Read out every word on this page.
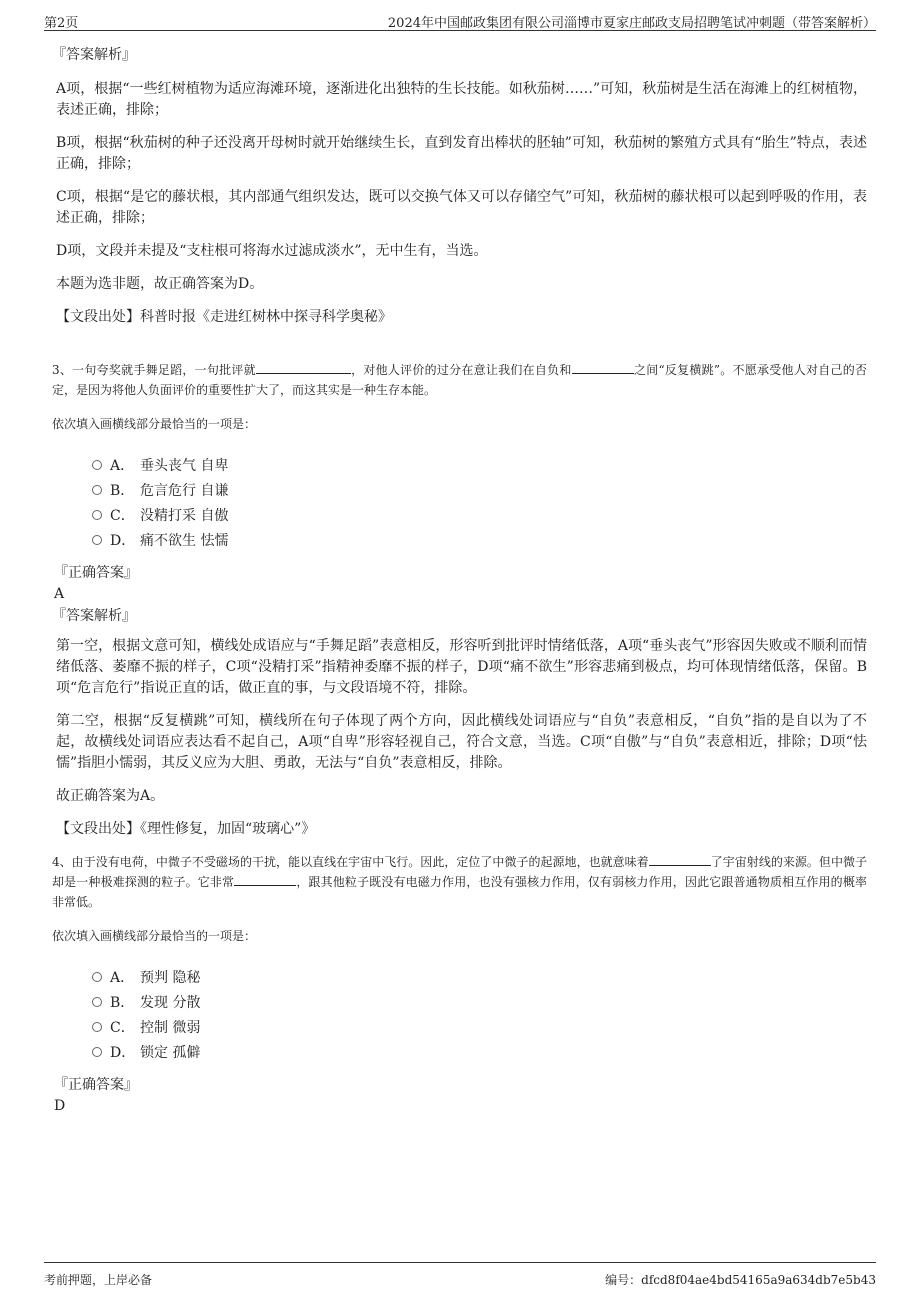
第2页	2024年中国邮政集团有限公司淄博市夏家庄邮政支局招聘笔试冲刺题（带答案解析）
『答案解析』

A项，根据“一些红树植物为适应海滩环境，逐渐进化出独特的生长技能。如秋茄树……”可知，秋茄树是生活在海滩上的红树植物，表述正确，排除；

B项，根据“秋茄树的种子还没离开母树时就开始继续生长，直到发育出棒状的胚轴”可知，秋茄树的繁殖方式具有“胎生”特点，表述正确，排除；

C项，根据“是它的藤状根，其内部通气组织发达，既可以交换气体又可以存储空气”可知，秋茄树的藤状根可以起到呼吸的作用，表述正确，排除；

D项，文段并未提及“支柱根可将海水过滤成淡水”，无中生有，当选。

本题为选非题，故正确答案为D。

【文段出处】科普时报《走进红树林中探寻科学奥秘》

3、一句夸奖就手舞足蹈，一句批评就	，对他人评价的过分在意让我们在自负和	之间“反复横跳”。不愿承受他人对自己的否定，是因为将他人负面评价的重要性扩大了，而这其实是一种生存本能。

依次填入画横线部分最恰当的一项是：

A． 垂头丧气 自卑
B． 危言危行 自谦
C． 没精打采 自傲
D． 痛不欲生 怯懦
『正确答案』
A
『答案解析』

第一空，根据文意可知，横线处成语应与“手舞足蹈”表意相反，形容听到批评时情绪低落，A项“垂头丧气”形容因失败或不顺利而情绪低落、萎靡不振的样子，C项“没精打采”指精神委靡不振的样子，D项“痛不欲生”形容悲痛到极点，均可体现情绪低落，保留。B项“危言危行”指说正直的话，做正直的事，与文段语境不符，排除。

第二空，根据“反复横跳”可知，横线所在句子体现了两个方向，因此横线处词语应与“自负”表意相反，“自负”指的是自以为了不起，故横线处词语应表达看不起自己，A项“自卑”形容轻视自己，符合文意，当选。C项“自傲”与“自负”表意相近，排除；D项“怯懦”指胆小懦弱，其反义应为大胆、勇敢，无法与“自负”表意相反，排除。

故正确答案为A。

【文段出处】《理性修复，加固“玻璃心”》

4、由于没有电荷，中微子不受磁场的干扰，能以直线在宇宙中飞行。因此，定位了中微子的起源地，也就意味着	了宇宙射线的来源。但中微子却是一种极难探测的粒子。它非常	，跟其他粒子既没有电磁力作用，也没有强核力作用，仅有弱核力作用，因此它跟普通物质相互作用的概率非常低。

依次填入画横线部分最恰当的一项是：

A． 预判 隐秘
B． 发现 分散
C． 控制 微弱
D． 锁定 孤僻
『正确答案』
D
考前押题，上岸必备	编号：dfcd8f04ae4bd54165a9a634db7e5b43
